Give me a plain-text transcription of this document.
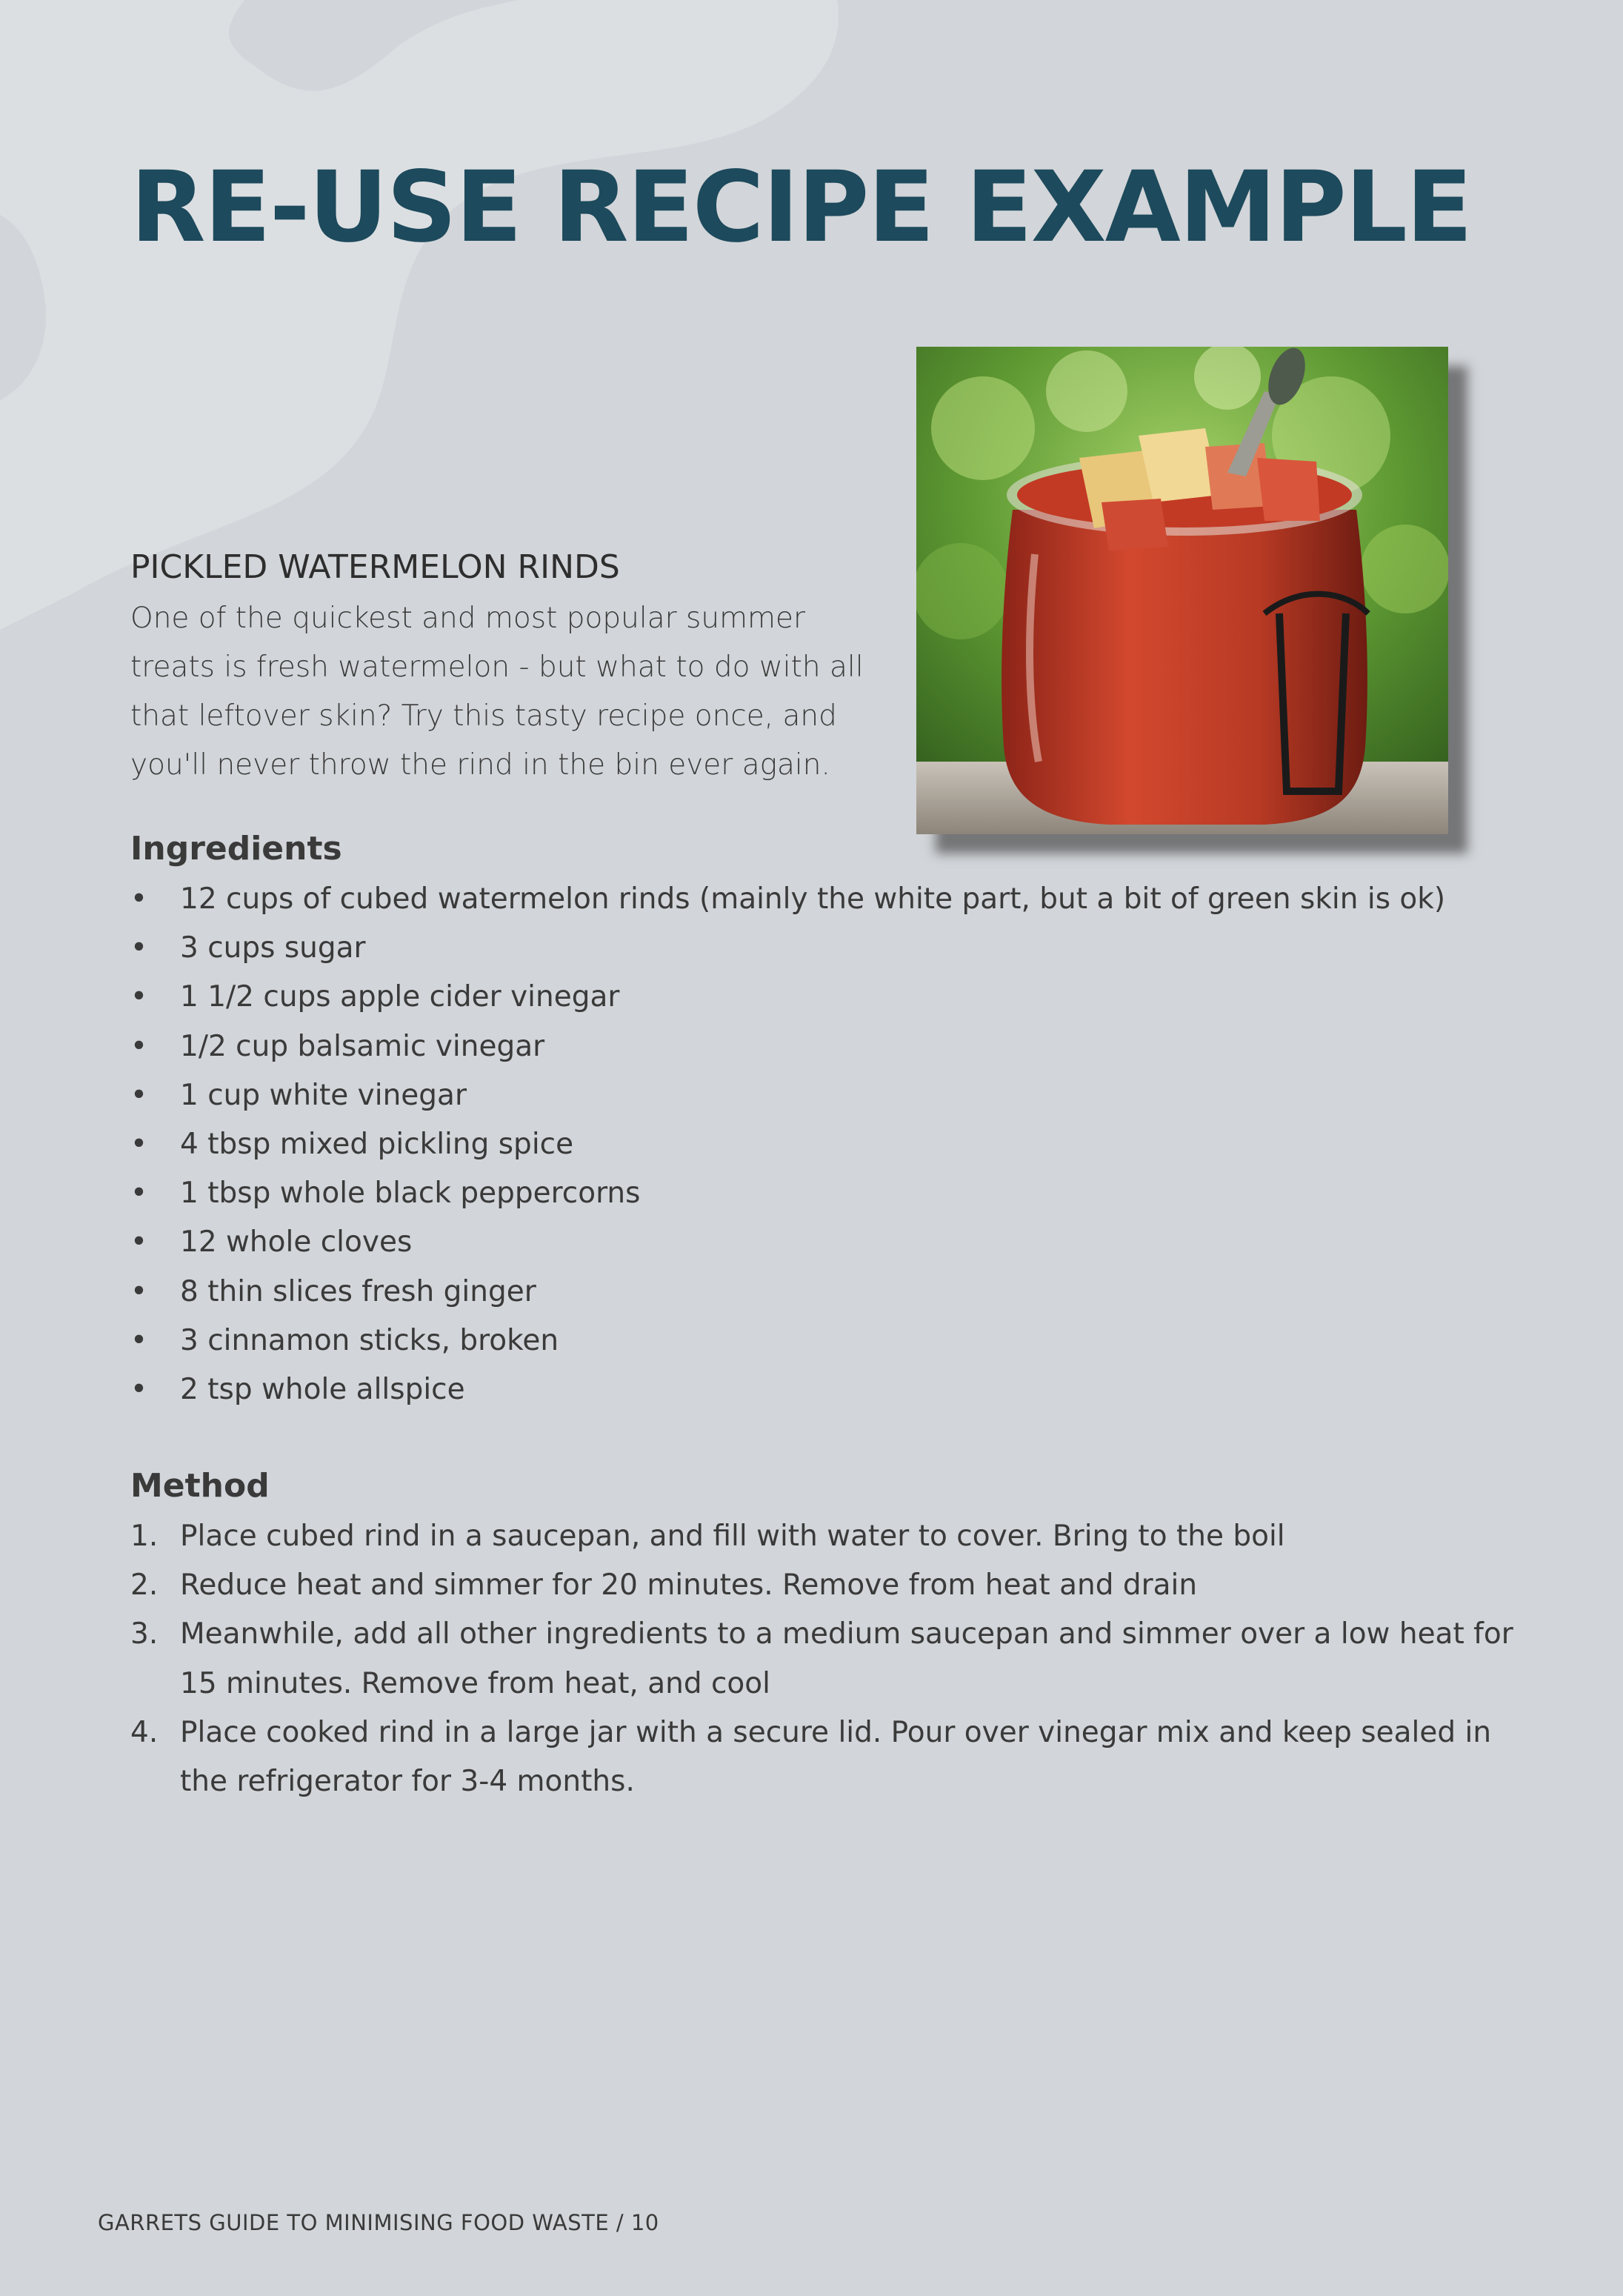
RE-USE RECIPE EXAMPLE
PICKLED WATERMELON RINDS

One of the quickest and most popular summer treats is fresh watermelon - but what to do with all that leftover skin? Try this tasty recipe once, and you'll never throw the rind in the bin ever again.

Ingredients
• 12 cups of cubed watermelon rinds (mainly the white part, but a bit of green skin is ok)
• 3 cups sugar
• 1 1/2 cups apple cider vinegar
• 1/2 cup balsamic vinegar
• 1 cup white vinegar
• 4 tbsp mixed pickling spice
• 1 tbsp whole black peppercorns
• 12 whole cloves
• 8 thin slices fresh ginger
• 3 cinnamon sticks, broken
• 2 tsp whole allspice
Method
1. Place cubed rind in a saucepan, and fill with water to cover. Bring to the boil
2. Reduce heat and simmer for 20 minutes. Remove from heat and drain
3. Meanwhile, add all other ingredients to a medium saucepan and simmer over a low heat for 15 minutes. Remove from heat, and cool
4. Place cooked rind in a large jar with a secure lid. Pour over vinegar mix and keep sealed in the refrigerator for 3-4 months.

GARRETS GUIDE TO MINIMISING FOOD WASTE / 10
